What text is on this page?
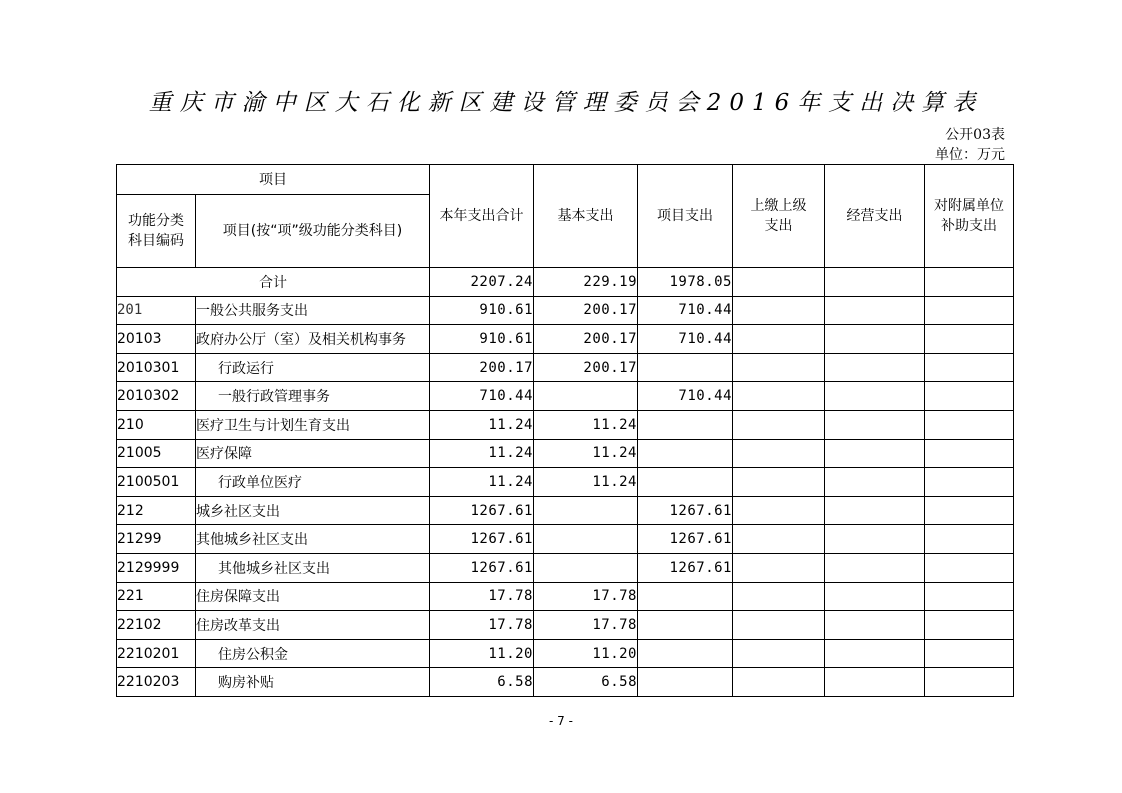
重庆市渝中区大石化新区建设管理委员会2016年支出决算表
公开03表
单位：万元
项目		本年支出合计	基本支出	项目支出	上缴上级支出	经营支出	对附属单位补助支出
功能分类科目编码	项目(按“项”级功能分类科目)						
合计		2207.24	229.19	1978.05			
201	一般公共服务支出	910.61	200.17	710.44			
20103	政府办公厅（室）及相关机构事务	910.61	200.17	710.44			
2010301	行政运行	200.17	200.17				
2010302	一般行政管理事务	710.44		710.44			
210	医疗卫生与计划生育支出	11.24	11.24				
21005	医疗保障	11.24	11.24				
2100501	行政单位医疗	11.24	11.24				
212	城乡社区支出	1267.61		1267.61			
21299	其他城乡社区支出	1267.61		1267.61			
2129999	其他城乡社区支出	1267.61		1267.61			
221	住房保障支出	17.78	17.78				
22102	住房改革支出	17.78	17.78				
2210201	住房公积金	11.20	11.20				
2210203	购房补贴	6.58	6.58				
- 7 -
